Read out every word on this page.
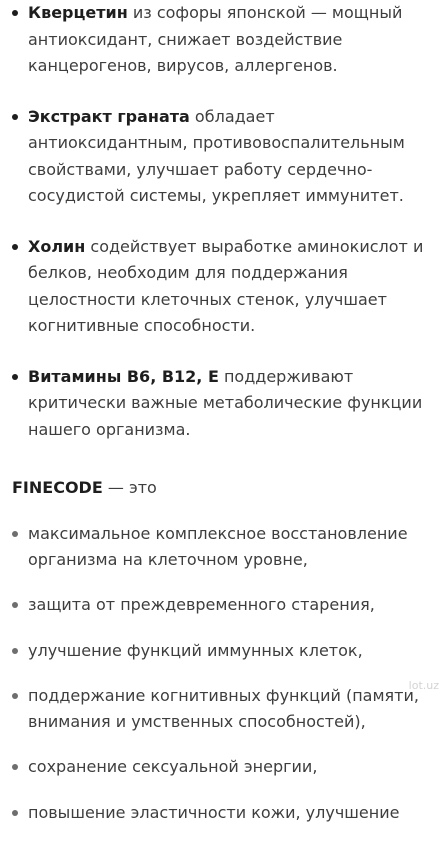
Кверцетин из софоры японской — мощный антиоксидант, снижает воздействие канцерогенов, вирусов, аллергенов.
Экстракт граната обладает антиоксидантным, противовоспалительным свойствами, улучшает работу сердечно-сосудистой системы, укрепляет иммунитет.
Холин содействует выработке аминокислот и белков, необходим для поддержания целостности клеточных стенок, улучшает когнитивные способности.
Витамины В6, В12, Е поддерживают критически важные метаболические функции нашего организма.
FINECODE — это
максимальное комплексное восстановление организма на клеточном уровне,
защита от преждевременного старения,
улучшение функций иммунных клеток,
поддержание когнитивных функций (памяти, внимания и умственных способностей),
сохранение сексуальной энергии,
повышение эластичности кожи, улучшение
lot.uz
